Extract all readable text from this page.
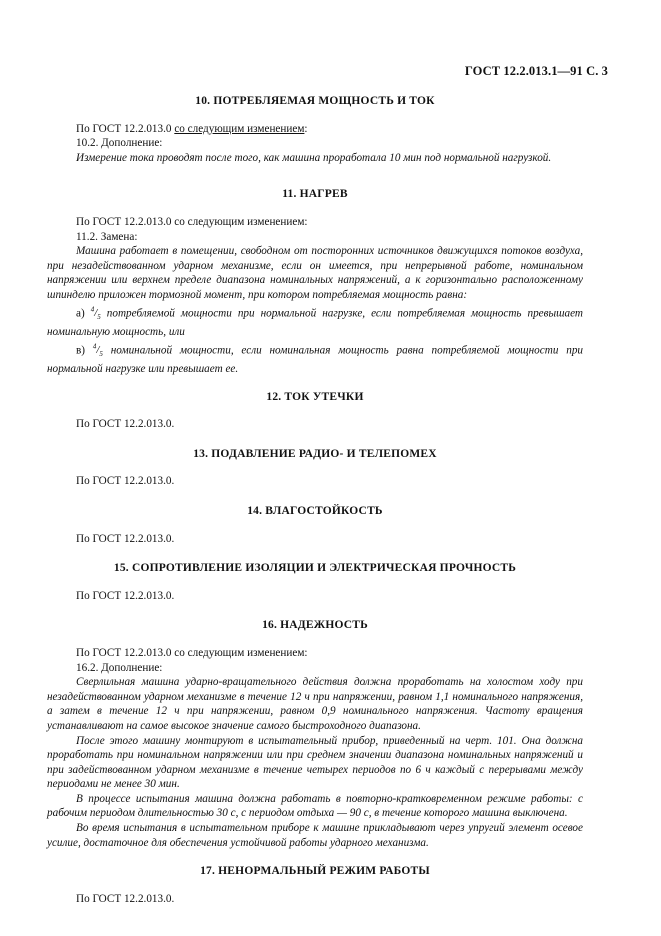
ГОСТ 12.2.013.1—91 С. 3
10. ПОТРЕБЛЯЕМАЯ МОЩНОСТЬ И ТОК

По ГОСТ 12.2.013.0 со следующим изменением:

10.2. Дополнение:

Измерение тока проводят после того, как машина проработала 10 мин под нормальной нагрузкой.

11. НАГРЕВ

По ГОСТ 12.2.013.0 со следующим изменением:

11.2. Замена:

Машина работает в помещении, свободном от посторонних источников движущихся потоков воздуха, при незадействованном ударном механизме, если он имеется, при непрерывной работе, номинальном напряжении или верхнем пределе диапазона номинальных напряжений, а к горизонтально расположенному шпинделю приложен тормозной момент, при котором потребляемая мощность равна:

а) $^4/_5$ потребляемой мощности при нормальной нагрузке, если потребляемая мощность превышает номинальную мощность, или

в) $^4/_5$ номинальной мощности, если номинальная мощность равна потребляемой мощности при нормальной нагрузке или превышает ее.

12. ТОК УТЕЧКИ

По ГОСТ 12.2.013.0.

13. ПОДАВЛЕНИЕ РАДИО- И ТЕЛЕПОМЕХ

По ГОСТ 12.2.013.0.

14. ВЛАГОСТОЙКОСТЬ

По ГОСТ 12.2.013.0.

15. СОПРОТИВЛЕНИЕ ИЗОЛЯЦИИ И ЭЛЕКТРИЧЕСКАЯ ПРОЧНОСТЬ

По ГОСТ 12.2.013.0.

16. НАДЕЖНОСТЬ

По ГОСТ 12.2.013.0 со следующим изменением:

16.2. Дополнение:

Сверлильная машина ударно-вращательного действия должна проработать на холостом ходу при незадействованном ударном механизме в течение 12 ч при напряжении, равном 1,1 номинального напряжения, а затем в течение 12 ч при напряжении, равном 0,9 номинального напряжения. Частоту вращения устанавливают на самое высокое значение самого быстроходного диапазона.

После этого машину монтируют в испытательный прибор, приведенный на черт. 101. Она должна проработать при номинальном напряжении или при среднем значении диапазона номинальных напряжений и при задействованном ударном механизме в течение четырех периодов по 6 ч каждый с перерывами между периодами не менее 30 мин.

В процессе испытания машина должна работать в повторно-кратковременном режиме работы: с рабочим периодом длительностью 30 с, с периодом отдыха — 90 с, в течение которого машина выключена.

Во время испытания в испытательном приборе к машине прикладывают через упругий элемент осевое усилие, достаточное для обеспечения устойчивой работы ударного механизма.

17. НЕНОРМАЛЬНЫЙ РЕЖИМ РАБОТЫ

По ГОСТ 12.2.013.0.
